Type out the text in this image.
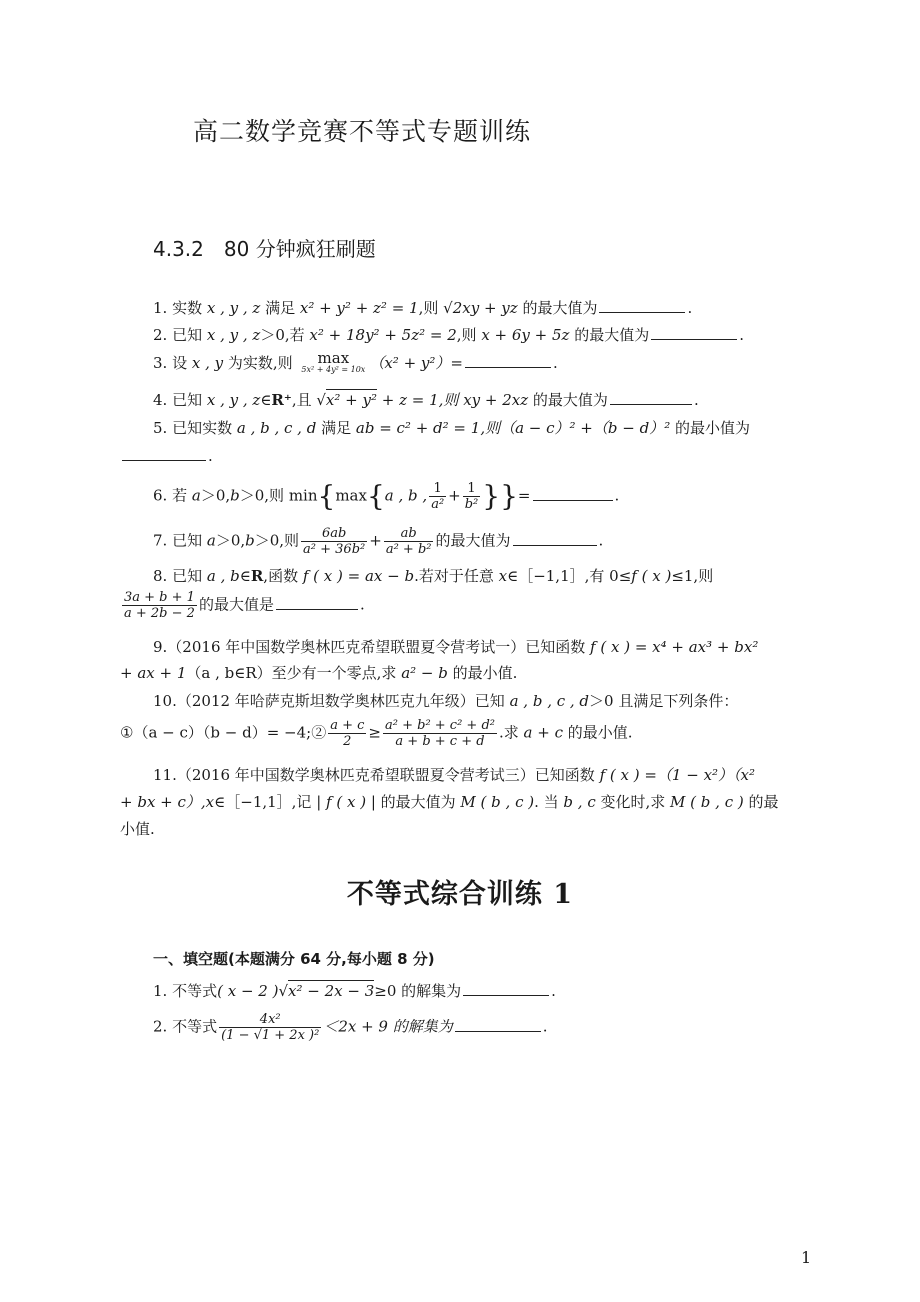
高二数学竞赛不等式专题训练
4.3.2　80 分钟疯狂刷题
1. 实数 x , y , z 满足 x² + y² + z² = 1,则 √2xy + yz 的最大值为	.
2. 已知 x , y , z＞0,若 x² + 18y² + 5z² = 2,则 x + 6y + 5z 的最大值为	.
3. 设 x , y 为实数,则	max
5x² + 4y² = 10x （x² + y²）=	.
4. 已知 x , y , z∈R⁺,且 √x² + y² + z = 1,则 xy + 2xz 的最大值为	.
5. 已知实数 a , b , c , d 满足 ab = c² + d² = 1,则（a − c）² +（b − d）² 的最小值为
.
6. 若 a＞0,b＞0,则 min{max{a , b , $\frac{1}{\text{a²}} + \frac{1}{\text{b²}}$ }}=	.
7. 已知 a＞0,b＞0,则 $\frac{6ab}{\text{a² + 36b²}} + \frac{ab}{\text{a² + b²}}$ 的最大值为	.
8. 已知 a , b∈R,函数 f ( x ) = ax − b.若对于任意 x∈［−1,1］,有 0≤f ( x )≤1,则
$\frac{3a + b + 1}{a + 2b - 2}$ 的最大值是	.
9.（2016 年中国数学奥林匹克希望联盟夏令营考试一）已知函数 f ( x ) = x⁴ + ax³ + bx²
+ ax + 1（a , b∈R）至少有一个零点,求 a² − b 的最小值.
10.（2012 年哈萨克斯坦数学奥林匹克九年级）已知 a , b , c , d＞0 且满足下列条件：
①（a − c）（b − d）= −4;② $\frac{a + c}{2} \ge \frac{\text{a² + b² + c² + d²}}{a + b + c + d}$ .求 a + c 的最小值.
11.（2016 年中国数学奥林匹克希望联盟夏令营考试三）已知函数 f ( x ) =（1 − x²）（x²
+ bx + c）,x∈［−1,1］,记 | f ( x ) | 的最大值为 M ( b , c ). 当 b , c 变化时,求 M ( b , c ) 的最
小值.
不等式综合训练 1
一、填空题(本题满分 64 分,每小题 8 分)
1. 不等式( x − 2 )√x² − 2x − 3≥0 的解集为	.
2. 不等式 $\frac{\text{4x²}}{\text{(1 − √1 + 2x )²}} <2x + 9$ 的解集为	.
1
